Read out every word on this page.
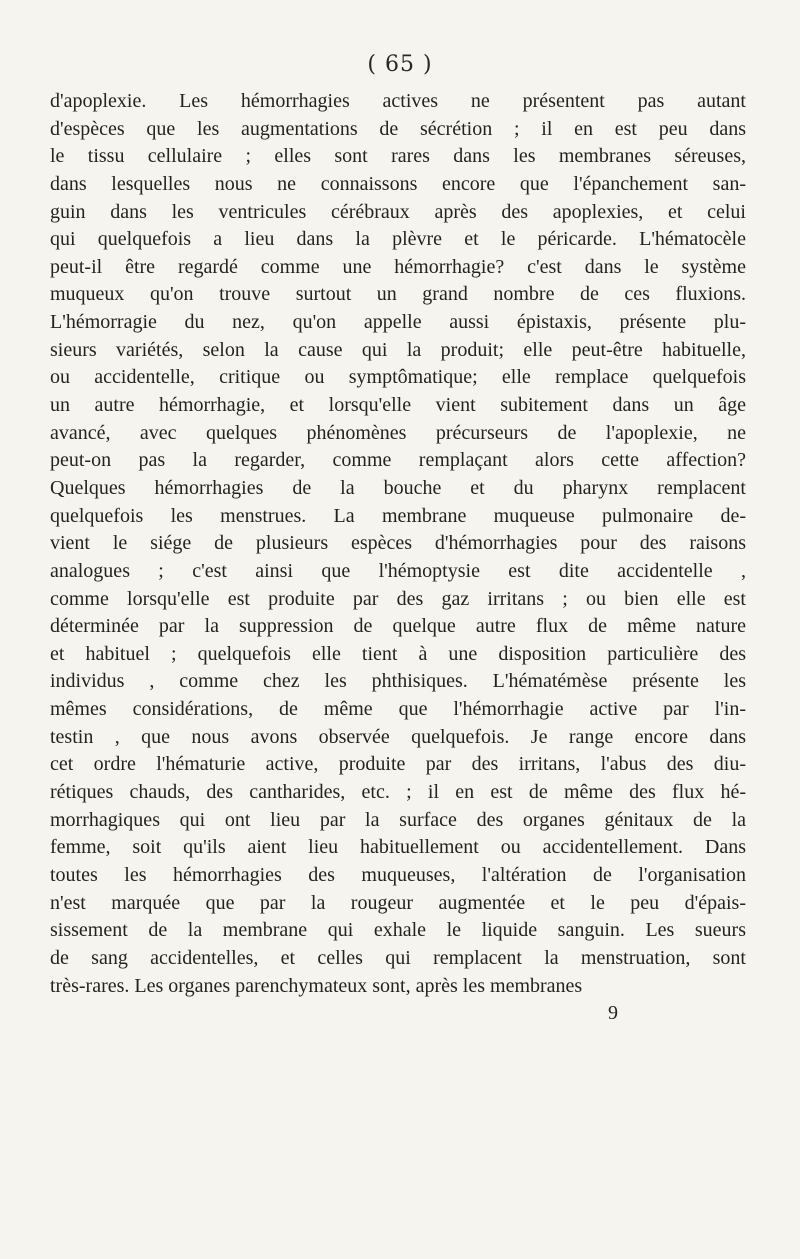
( 65 )
d'apoplexie. Les hémorrhagies actives ne présentent pas autant
d'espèces que les augmentations de sécrétion ; il en est peu dans
le tissu cellulaire ; elles sont rares dans les membranes séreuses,
dans lesquelles nous ne connaissons encore que l'épanchement san-
guin dans les ventricules cérébraux après des apoplexies, et celui
qui quelquefois a lieu dans la plèvre et le péricarde. L'hématocèle
peut-il être regardé comme une hémorrhagie? c'est dans le système
muqueux qu'on trouve surtout un grand nombre de ces fluxions.
L'hémorragie du nez, qu'on appelle aussi épistaxis, présente plu-
sieurs variétés, selon la cause qui la produit; elle peut-être habituelle,
ou accidentelle, critique ou symptômatique; elle remplace quelquefois
un autre hémorrhagie, et lorsqu'elle vient subitement dans un âge
avancé, avec quelques phénomènes précurseurs de l'apoplexie, ne
peut-on pas la regarder, comme remplaçant alors cette affection?
Quelques hémorrhagies de la bouche et du pharynx remplacent
quelquefois les menstrues. La membrane muqueuse pulmonaire de-
vient le siége de plusieurs espèces d'hémorrhagies pour des raisons
analogues ; c'est ainsi que l'hémoptysie est dite accidentelle ,
comme lorsqu'elle est produite par des gaz irritans ; ou bien elle est
déterminée par la suppression de quelque autre flux de même nature
et habituel ; quelquefois elle tient à une disposition particulière des
individus , comme chez les phthisiques. L'hématémèse présente les
mêmes considérations, de même que l'hémorrhagie active par l'in-
testin , que nous avons observée quelquefois. Je range encore dans
cet ordre l'hématurie active, produite par des irritans, l'abus des diu-
rétiques chauds, des cantharides, etc. ; il en est de même des flux hé-
morrhagiques qui ont lieu par la surface des organes génitaux de la
femme, soit qu'ils aient lieu habituellement ou accidentellement. Dans
toutes les hémorrhagies des muqueuses, l'altération de l'organisation
n'est marquée que par la rougeur augmentée et le peu d'épais-
sissement de la membrane qui exhale le liquide sanguin. Les sueurs
de sang accidentelles, et celles qui remplacent la menstruation, sont
très-rares. Les organes parenchymateux sont, après les membranes
9
